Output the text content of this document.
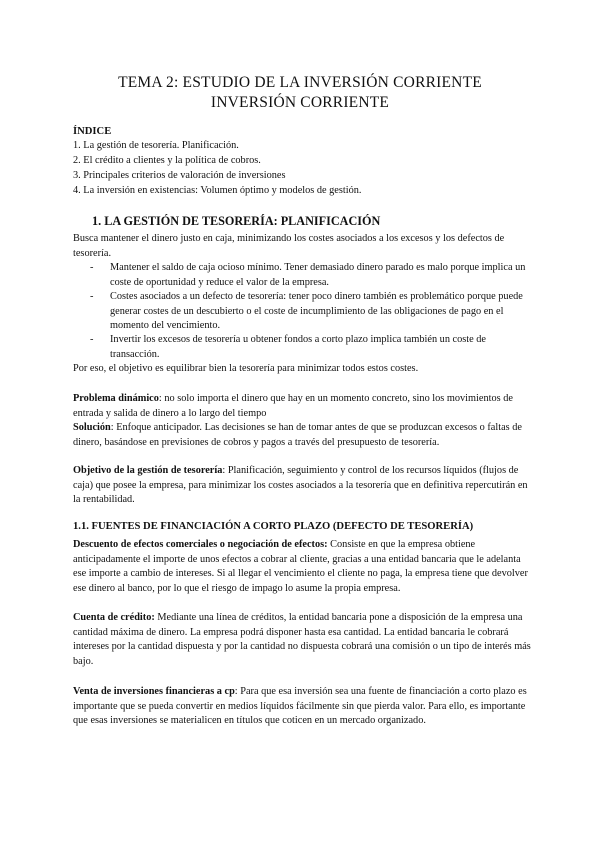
TEMA 2: ESTUDIO DE LA INVERSIÓN CORRIENTE
INVERSIÓN CORRIENTE
ÍNDICE
1. La gestión de tesorería. Planificación.
2. El crédito a clientes y la política de cobros.
3. Principales criterios de valoración de inversiones
4. La inversión en existencias: Volumen óptimo y modelos de gestión.
1. LA GESTIÓN DE TESORERÍA: PLANIFICACIÓN

Busca mantener el dinero justo en caja, minimizando los costes asociados a los excesos y los defectos de tesorería.

- Mantener el saldo de caja ocioso mínimo. Tener demasiado dinero parado es malo porque implica un coste de oportunidad y reduce el valor de la empresa.
- Costes asociados a un defecto de tesorería: tener poco dinero también es problemático porque puede generar costes de un descubierto o el coste de incumplimiento de las obligaciones de pago en el momento del vencimiento.
- Invertir los excesos de tesorería u obtener fondos a corto plazo implica también un coste de transacción.

Por eso, el objetivo es equilibrar bien la tesorería para minimizar todos estos costes.

Problema dinámico: no solo importa el dinero que hay en un momento concreto, sino los movimientos de entrada y salida de dinero a lo largo del tiempo

Solución: Enfoque anticipador. Las decisiones se han de tomar antes de que se produzcan excesos o faltas de dinero, basándose en previsiones de cobros y pagos a través del presupuesto de tesorería.

Objetivo de la gestión de tesorería: Planificación, seguimiento y control de los recursos líquidos (flujos de caja) que posee la empresa, para minimizar los costes asociados a la tesorería que en definitiva repercutirán en la rentabilidad.

1.1. FUENTES DE FINANCIACIÓN A CORTO PLAZO (DEFECTO DE TESORERÍA)

Descuento de efectos comerciales o negociación de efectos: Consiste en que la empresa obtiene anticipadamente el importe de unos efectos a cobrar al cliente, gracias a una entidad bancaria que le adelanta ese importe a cambio de intereses. Si al llegar el vencimiento el cliente no paga, la empresa tiene que devolver ese dinero al banco, por lo que el riesgo de impago lo asume la propia empresa.

Cuenta de crédito: Mediante una línea de créditos, la entidad bancaria pone a disposición de la empresa una cantidad máxima de dinero. La empresa podrá disponer hasta esa cantidad. La entidad bancaria le cobrará intereses por la cantidad dispuesta y por la cantidad no dispuesta cobrará una comisión o un tipo de interés más bajo.

Venta de inversiones financieras a cp: Para que esa inversión sea una fuente de financiación a corto plazo es importante que se pueda convertir en medios líquidos fácilmente sin que pierda valor. Para ello, es importante que esas inversiones se materialicen en títulos que coticen en un mercado organizado.
